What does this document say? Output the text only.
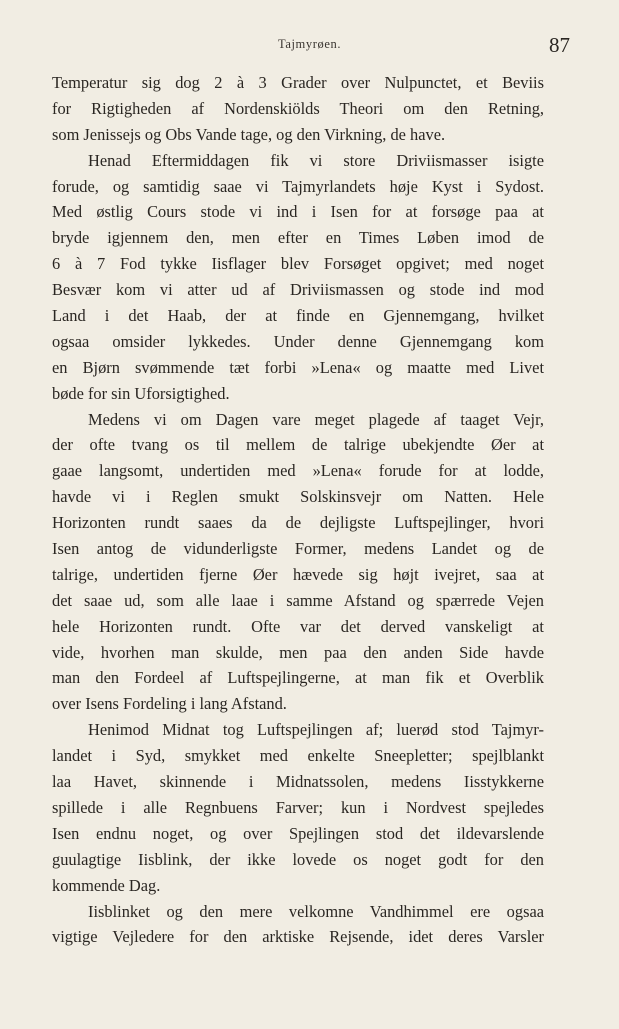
Tajmyrøen.	87
Temperatur sig dog 2 à 3 Grader over Nulpunctet, et Beviis
for Rigtigheden af Nordenskiölds Theori om den Retning,
som Jenissejs og Obs Vande tage, og den Virkning, de have.
Henad Eftermiddagen fik vi store Driviismasser isigte
forude, og samtidig saae vi Tajmyrlandets høje Kyst i Sydost.
Med østlig Cours stode vi ind i Isen for at forsøge paa at
bryde igjennem den, men efter en Times Løben imod de
6 à 7 Fod tykke Iisflager blev Forsøget opgivet; med noget
Besvær kom vi atter ud af Driviismassen og stode ind mod
Land i det Haab, der at finde en Gjennemgang, hvilket
ogsaa omsider lykkedes. Under denne Gjennemgang kom
en Bjørn svømmende tæt forbi »Lena« og maatte med Livet
bøde for sin Uforsigtighed.
Medens vi om Dagen vare meget plagede af taaget Vejr,
der ofte tvang os til mellem de talrige ubekjendte Øer at
gaae langsomt, undertiden med »Lena« forude for at lodde,
havde vi i Reglen smukt Solskinsvejr om Natten. Hele
Horizonten rundt saaes da de dejligste Luftspejlinger, hvori
Isen antog de vidunderligste Former, medens Landet og de
talrige, undertiden fjerne Øer hævede sig højt ivejret, saa at
det saae ud, som alle laae i samme Afstand og spærrede Vejen
hele Horizonten rundt. Ofte var det derved vanskeligt at
vide, hvorhen man skulde, men paa den anden Side havde
man den Fordeel af Luftspejlingerne, at man fik et Overblik
over Isens Fordeling i lang Afstand.
Henimod Midnat tog Luftspejlingen af; luerød stod Tajmyr-
landet i Syd, smykket med enkelte Sneepletter; spejlblankt
laa Havet, skinnende i Midnatssolen, medens Iisstykkerne
spillede i alle Regnbuens Farver; kun i Nordvest spejledes
Isen endnu noget, og over Spejlingen stod det ildevarslende
guulagtige Iisblink, der ikke lovede os noget godt for den
kommende Dag.
Iisblinket og den mere velkomne Vandhimmel ere ogsaa
vigtige Vejledere for den arktiske Rejsende, idet deres Varsler
